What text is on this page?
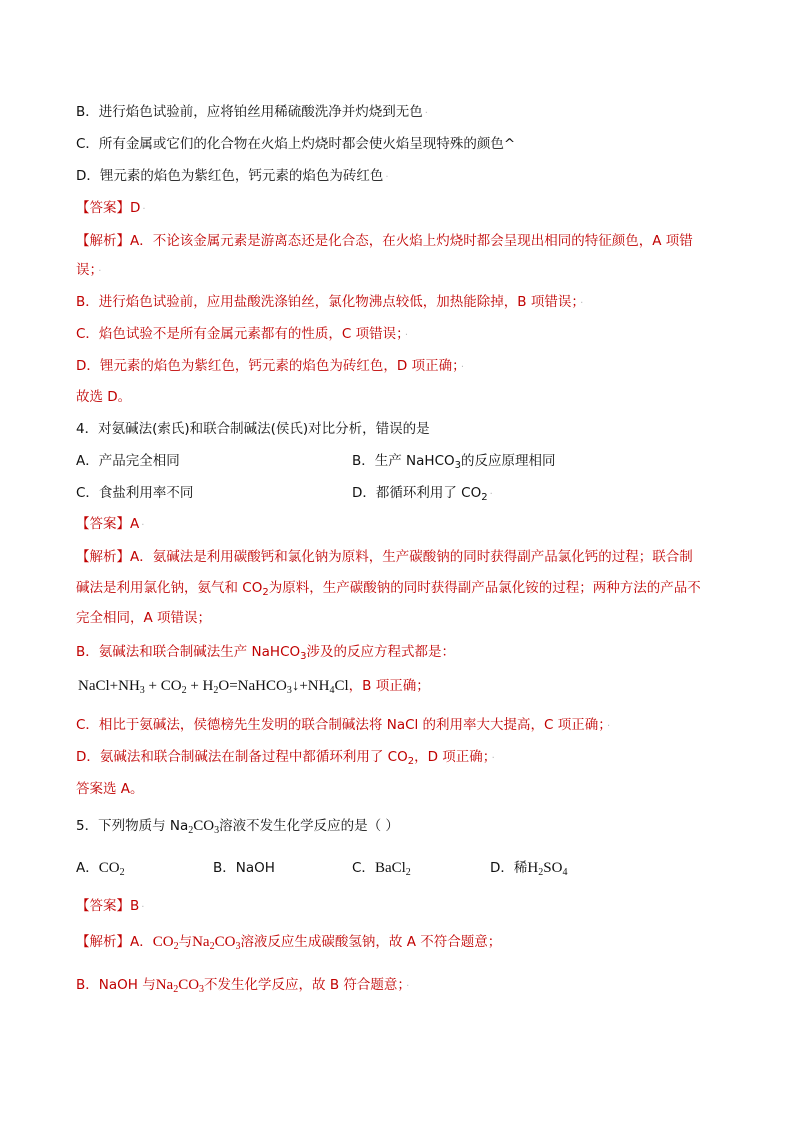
B．进行焰色试验前，应将铂丝用稀硫酸洗净并灼烧到无色 ·
C．所有金属或它们的化合物在火焰上灼烧时都会使火焰呈现特殊的颜色^
D．锂元素的焰色为紫红色，钙元素的焰色为砖红色 ·
【答案】D ·
【解析】A．不论该金属元素是游离态还是化合态，在火焰上灼烧时都会呈现出相同的特征颜色，A 项错
误； ·
B．进行焰色试验前，应用盐酸洗涤铂丝，氯化物沸点较低，加热能除掉，B 项错误； ·
C．焰色试验不是所有金属元素都有的性质，C 项错误； ·
D．锂元素的焰色为紫红色，钙元素的焰色为砖红色，D 项正确； ·
故选 D。
4．对氨碱法(索氏)和联合制碱法(侯氏)对比分析，错误的是
A．产品完全相同	B．生产 NaHCO$_3$的反应原理相同
C．食盐利用率不同	D．都循环利用了 $CO_2$ ·
【答案】A ·
【解析】A．氨碱法是利用碳酸钙和氯化钠为原料，生产碳酸钠的同时获得副产品氯化钙的过程；联合制
碱法是利用氯化钠，氨气和 $CO_2$为原料，生产碳酸钠的同时获得副产品氯化铵的过程；两种方法的产品不
完全相同，A 项错误；
B．氨碱法和联合制碱法生产 NaHCO$_3$涉及的反应方程式都是：
$NaCl+NH_3 + CO_2$ + $H_2O=NaHCO_3↓+NH_4Cl$，B 项正确；
C．相比于氨碱法，侯德榜先生发明的联合制碱法将 NaCl 的利用率大大提高，C 项正确； ·
D．氨碱法和联合制碱法在制备过程中都循环利用了 $CO_2$，D 项正确； ·
答案选 A。
5．下列物质与 $Na_2CO_3$溶液不发生化学反应的是（ ）
A．$CO_2$	B．NaOH	C．BaCl$_2$	D．稀$H_2SO_4$
【答案】B ·
【解析】A．$CO_2$与$Na_2CO_3$溶液反应生成碳酸氢钠，故 A 不符合题意；
B．NaOH 与$Na_2CO_3$不发生化学反应，故 B 符合题意； ·
